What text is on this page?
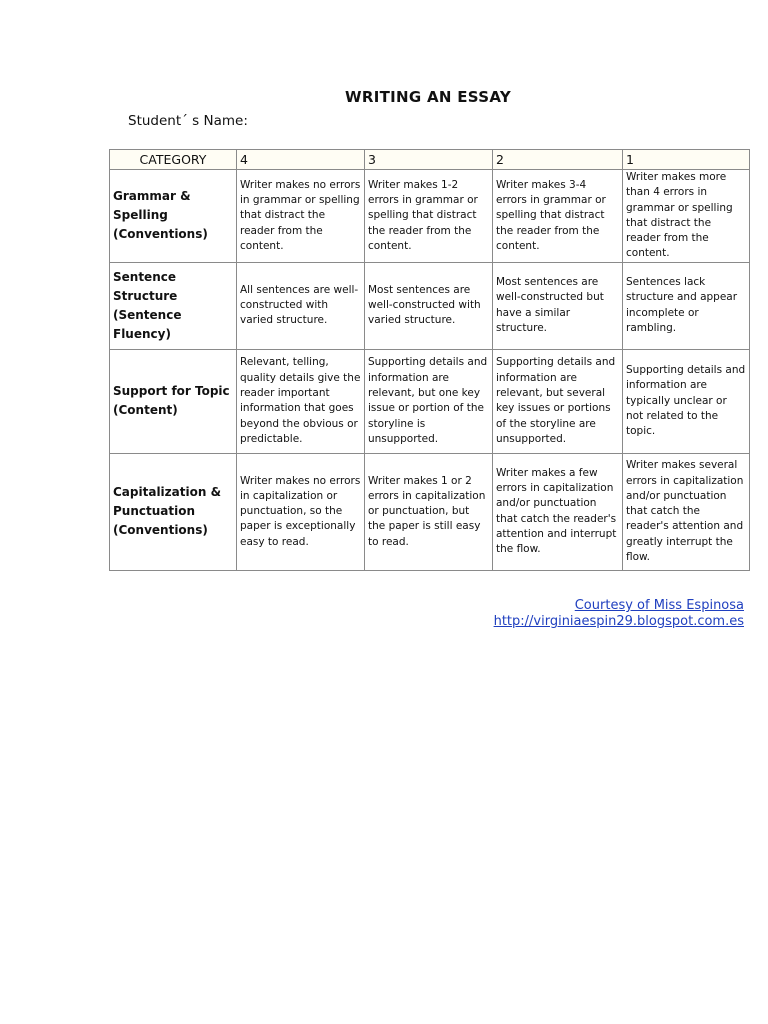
WRITING AN ESSAY
Student´ s Name:
CATEGORY	4	3	2	1
Grammar & Spelling (Conventions)	Writer makes no errors in grammar or spelling that distract the reader from the content.	Writer makes 1-2 errors in grammar or spelling that distract the reader from the content.	Writer makes 3-4 errors in grammar or spelling that distract the reader from the content.	Writer makes more than 4 errors in grammar or spelling that distract the reader from the content.
Sentence Structure (Sentence Fluency)	All sentences are well-constructed with varied structure.	Most sentences are well-constructed with varied structure.	Most sentences are well-constructed but have a similar structure.	Sentences lack structure and appear incomplete or rambling.
Support for Topic (Content)	Relevant, telling, quality details give the reader important information that goes beyond the obvious or predictable.	Supporting details and information are relevant, but one key issue or portion of the storyline is unsupported.	Supporting details and information are relevant, but several key issues or portions of the storyline are unsupported.	Supporting details and information are typically unclear or not related to the topic.
Capitalization & Punctuation (Conventions)	Writer makes no errors in capitalization or punctuation, so the paper is exceptionally easy to read.	Writer makes 1 or 2 errors in capitalization or punctuation, but the paper is still easy to read.	Writer makes a few errors in capitalization and/or punctuation that catch the reader's attention and interrupt the flow.	Writer makes several errors in capitalization and/or punctuation that catch the reader's attention and greatly interrupt the flow.
Courtesy of Miss Espinosa
http://virginiaespin29.blogspot.com.es
